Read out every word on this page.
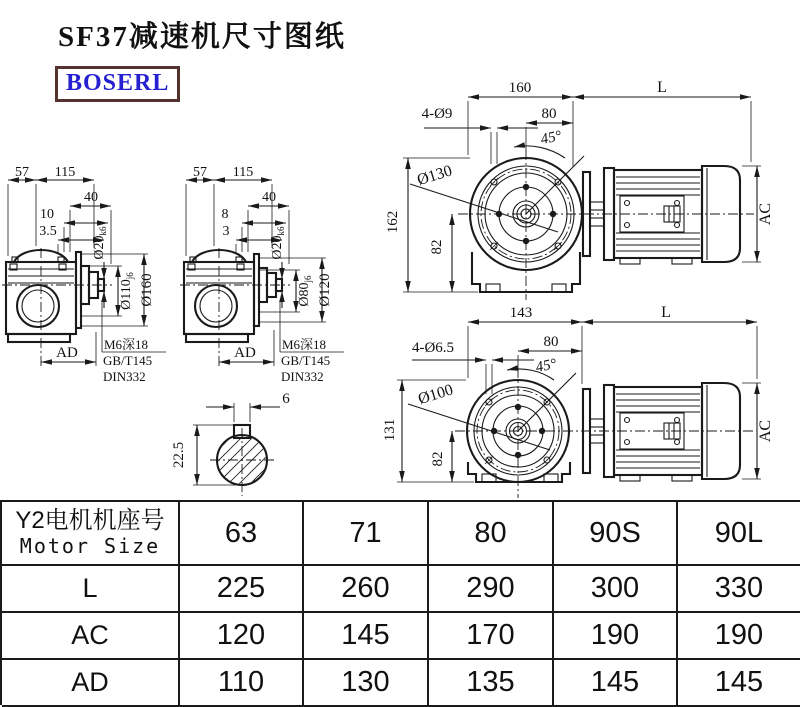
SF37减速机尺寸图纸
BOSERL
57 115
40
10
3.5
$Ø20_{k6}$
$Ø110_{j6}$ Ø160
AD
M6深18
GB/T145
DIN332
57 115
40
8
3
$Ø20_{k6}$
$Ø80_{j6}$ Ø120
AD
M6深18
GB/T145
DIN332
6
22.5
160	L
80
4-Ø9
45°
Ø130
162
82
AC
143	L
80
4-Ø6.5
45°
Ø100
131
82
AC
Y2电机机座号
Motor Size	63	71	80	90S	90L
L	225	260	290	300	330
AC	120	145	170	190	190
AD	110	130	135	145	145
